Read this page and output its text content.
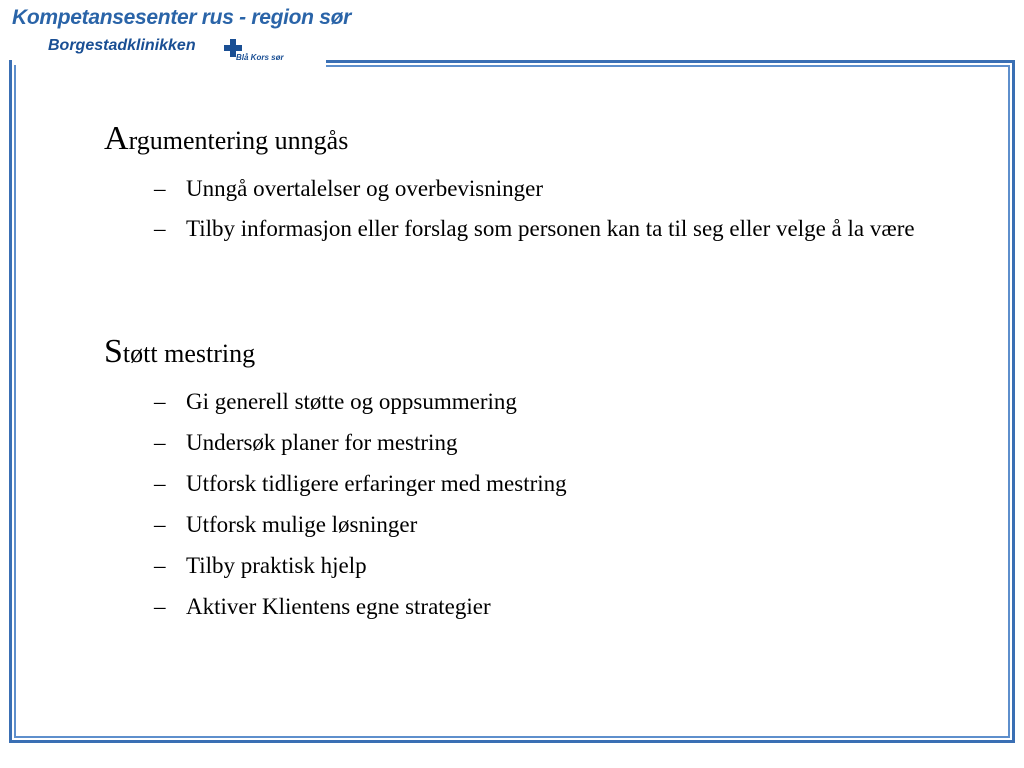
Kompetansesenter rus - region sør
Borgestadklinikken
Blå Kors sør
Argumentering unngås
– Unngå overtalelser og overbevisninger
– Tilby informasjon eller forslag som personen kan ta til seg eller velge å la være
Støtt mestring
– Gi generell støtte og oppsummering
– Undersøk planer for mestring
– Utforsk tidligere erfaringer med mestring
– Utforsk mulige løsninger
– Tilby praktisk hjelp
– Aktiver Klientens egne strategier
